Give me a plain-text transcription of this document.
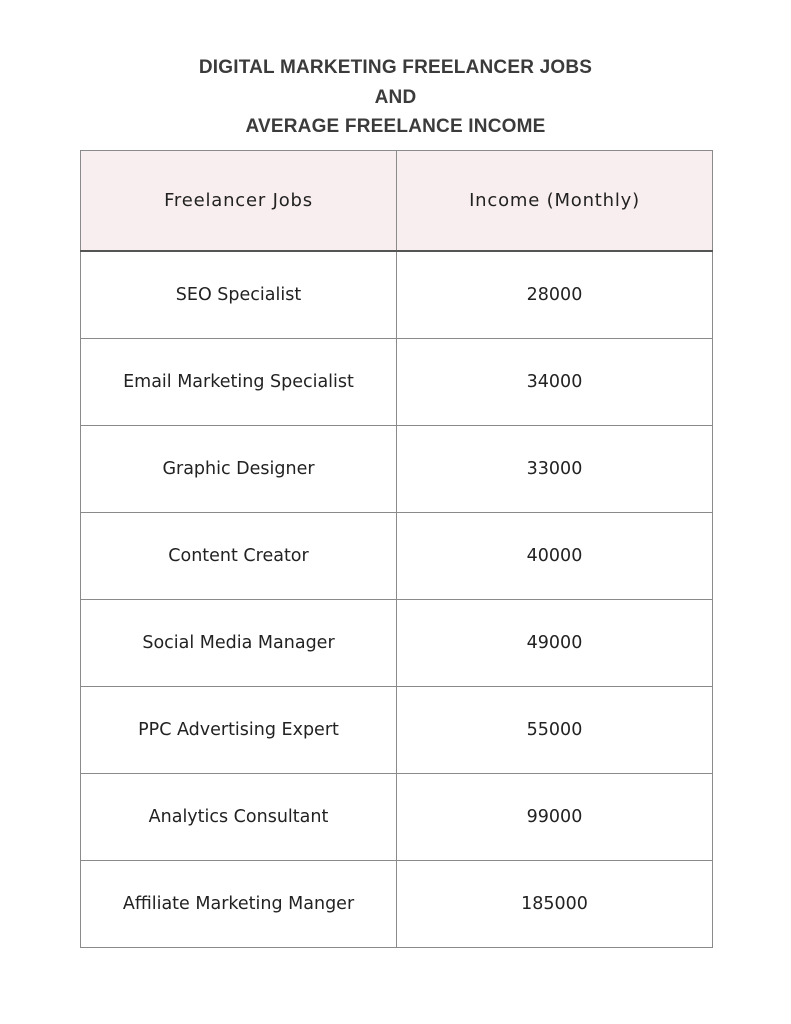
DIGITAL MARKETING FREELANCER JOBS
AND
AVERAGE FREELANCE INCOME
Freelancer Jobs	Income (Monthly)
SEO Specialist	28000
Email Marketing Specialist	34000
Graphic Designer	33000
Content Creator	40000
Social Media Manager	49000
PPC Advertising Expert	55000
Analytics Consultant	99000
Affiliate Marketing Manger	185000
